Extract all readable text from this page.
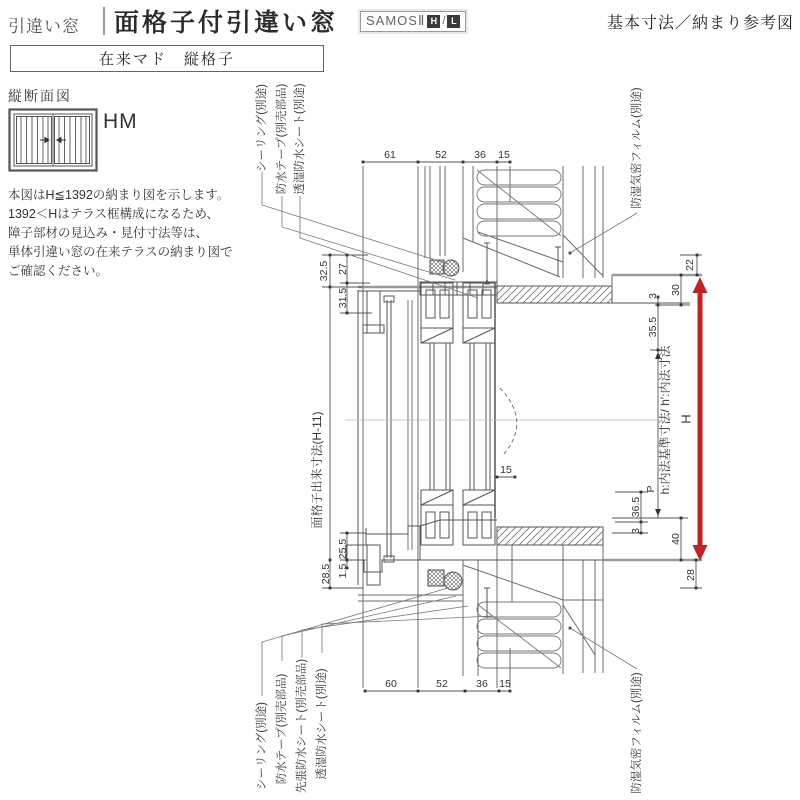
引違い窓 面格子付引違い窓 SAMOSⅡ H / L	基本寸法／納まり参考図
在来マド　縦格子
縦断面図
HM
本図はH≦1392の納まり図を示します。
1392＜Hはテラス框構成になるため、
障子部材の見込み・見付寸法等は、
単体引違い窓の在来テラスの納まり図で
ご確認ください。
61	52	36 15
60	52	36 15
15
32.5 27
31.5
25.5
1.5
28.5
22
30
3
35.5
P
36.5
3
40
28
H
面格子出来寸法(H-11)	h:内法基準寸法/ h′:内法寸法
シーリング(別途) 防水テープ(別売部品) 透湿防水シート(別途)	防湿気密フィルム(別途)
シーリング(別途) 防水テープ(別売部品) 先張防水シート(別売部品) 透湿防水シート(別途)	防湿気密フィルム(別途)
